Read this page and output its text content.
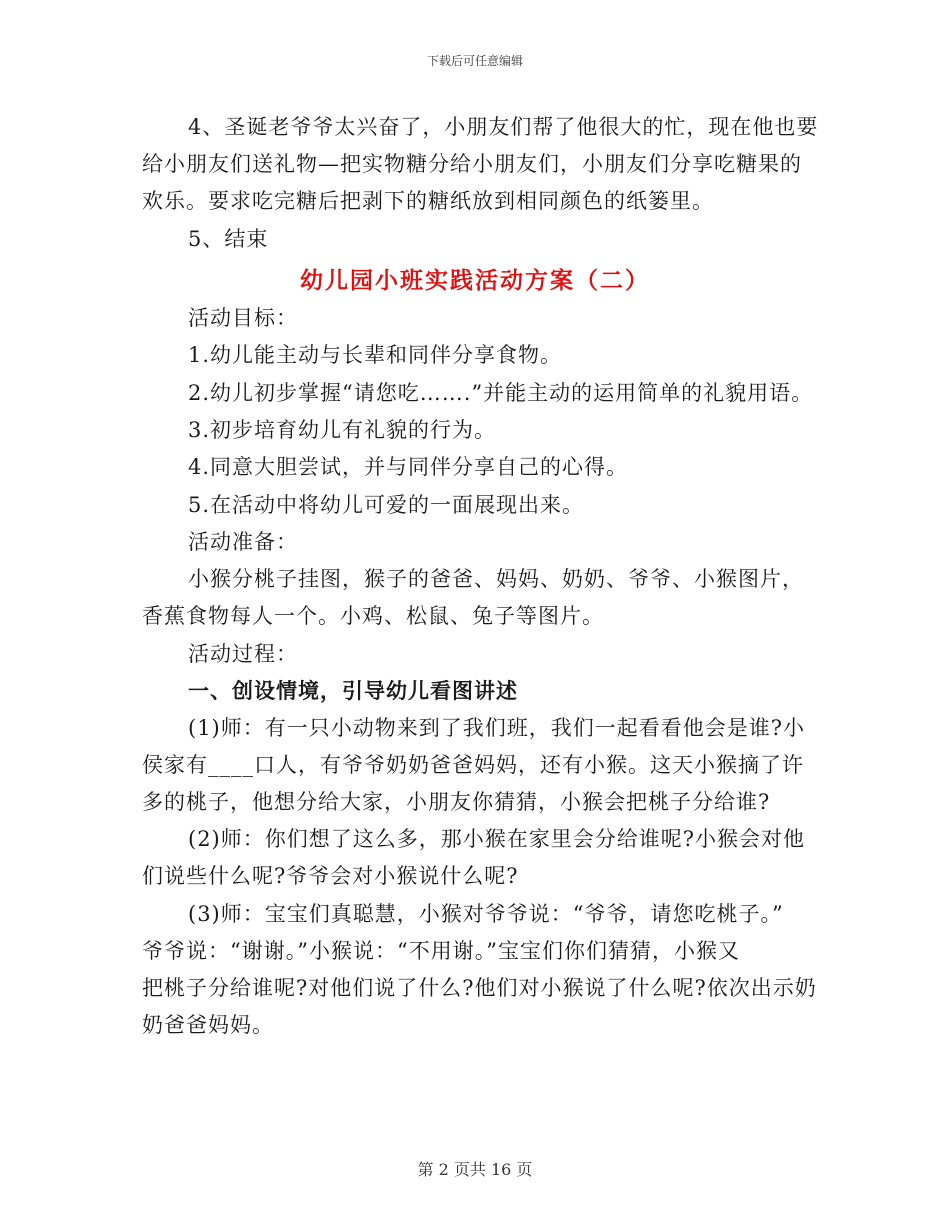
下载后可任意编辑
4、圣诞老爷爷太兴奋了，小朋友们帮了他很大的忙，现在他也要
给小朋友们送礼物—把实物糖分给小朋友们，小朋友们分享吃糖果的
欢乐。要求吃完糖后把剥下的糖纸放到相同颜色的纸篓里。
5、结束
幼儿园小班实践活动方案（二）
活动目标：
1.幼儿能主动与长辈和同伴分享食物。
2.幼儿初步掌握“请您吃…….”并能主动的运用简单的礼貌用语。
3.初步培育幼儿有礼貌的行为。
4.同意大胆尝试，并与同伴分享自己的心得。
5.在活动中将幼儿可爱的一面展现出来。
活动准备：
小猴分桃子挂图，猴子的爸爸、妈妈、奶奶、爷爷、小猴图片，
香蕉食物每人一个。小鸡、松鼠、兔子等图片。
活动过程：
一、创设情境，引导幼儿看图讲述
(1)师：有一只小动物来到了我们班，我们一起看看他会是谁?小
侯家有____口人，有爷爷奶奶爸爸妈妈，还有小猴。这天小猴摘了许
多的桃子，他想分给大家，小朋友你猜猜，小猴会把桃子分给谁?
(2)师：你们想了这么多，那小猴在家里会分给谁呢?小猴会对他
们说些什么呢?爷爷会对小猴说什么呢?
(3)师：宝宝们真聪慧，小猴对爷爷说：“爷爷，请您吃桃子。”
爷爷说：“谢谢。”小猴说：“不用谢。”宝宝们你们猜猜，小猴又
把桃子分给谁呢?对他们说了什么?他们对小猴说了什么呢?依次出示奶
奶爸爸妈妈。
第 2 页共 16 页
